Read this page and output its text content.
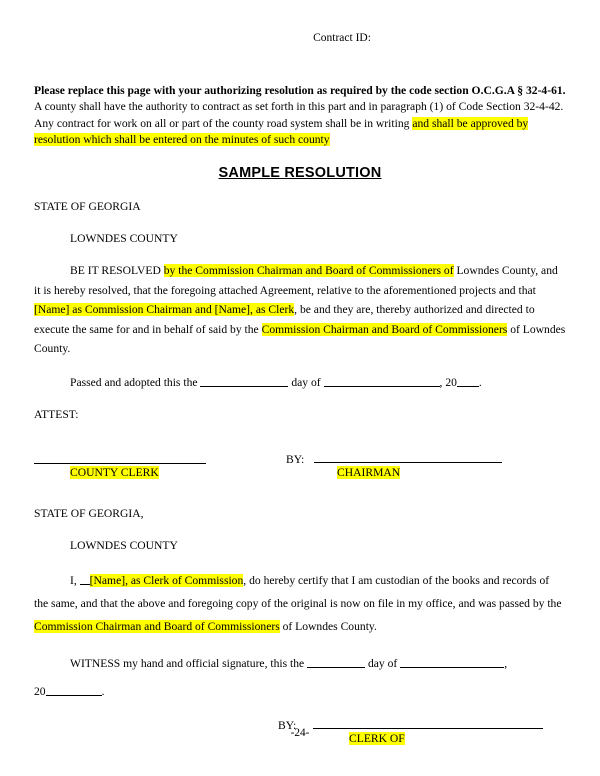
Contract ID:

Please replace this page with your authorizing resolution as required by the code section O.C.G.A § 32-4-61. A county shall have the authority to contract as set forth in this part and in paragraph (1) of Code Section 32-4-42. Any contract for work on all or part of the county road system shall be in writing and shall be approved by resolution which shall be entered on the minutes of such county

SAMPLE RESOLUTION
STATE OF GEORGIA
LOWNDES COUNTY

BE IT RESOLVED by the Commission Chairman and Board of Commissioners of Lowndes County, and it is hereby resolved, that the foregoing attached Agreement, relative to the aforementioned projects and that [Name] as Commission Chairman and [Name], as Clerk, be and they are, thereby authorized and directed to execute the same for and in behalf of said by the Commission Chairman and Board of Commissioners of Lowndes County.

Passed and adopted this the	day of	, 20 .
ATTEST:
BY:
COUNTY CLERK	CHAIRMAN
STATE OF GEORGIA,
LOWNDES COUNTY

I, [Name], as Clerk of Commission, do hereby certify that I am custodian of the books and records of the same, and that the above and foregoing copy of the original is now on file in my office, and was passed by the Commission Chairman and Board of Commissioners of Lowndes County.

WITNESS my hand and official signature, this the	day of	,
20	.
BY:
CLERK OF
-24-
